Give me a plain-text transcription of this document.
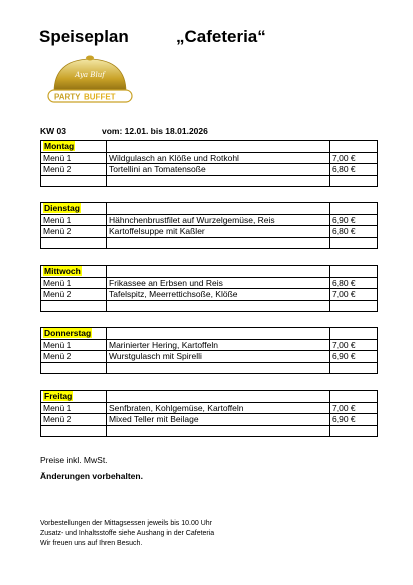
Speiseplan	„Cafeteria“
Aya Bluf
PARTY BUFFET
KW 03	vom: 12.01. bis 18.01.2026
Montag		
Menü 1	Wildgulasch an Klöße und Rotkohl	7,00 €
Menü 2	Tortellini an Tomatensoße	6,80 €

Dienstag		
Menü 1	Hähnchenbrustfilet auf Wurzelgemüse, Reis	6,90 €
Menü 2	Kartoffelsuppe mit Kaßler	6,80 €

Mittwoch		
Menü 1	Frikassee an Erbsen und Reis	6,80 €
Menü 2	Tafelspitz, Meerrettichsoße, Klöße	7,00 €

Donnerstag		
Menü 1	Marinierter Hering, Kartoffeln	7,00 €
Menü 2	Wurstgulasch mit Spirelli	6,90 €

Freitag		
Menü 1	Senfbraten, Kohlgemüse, Kartoffeln	7,00 €
Menü 2	Mixed Teller mit Beilage	6,90 €

Preise inkl. MwSt.
Änderungen vorbehalten.
Vorbestellungen der Mittagsessen jeweils bis 10.00 Uhr
Zusatz- und Inhaltsstoffe siehe Aushang in der Cafeteria
Wir freuen uns auf Ihren Besuch.
